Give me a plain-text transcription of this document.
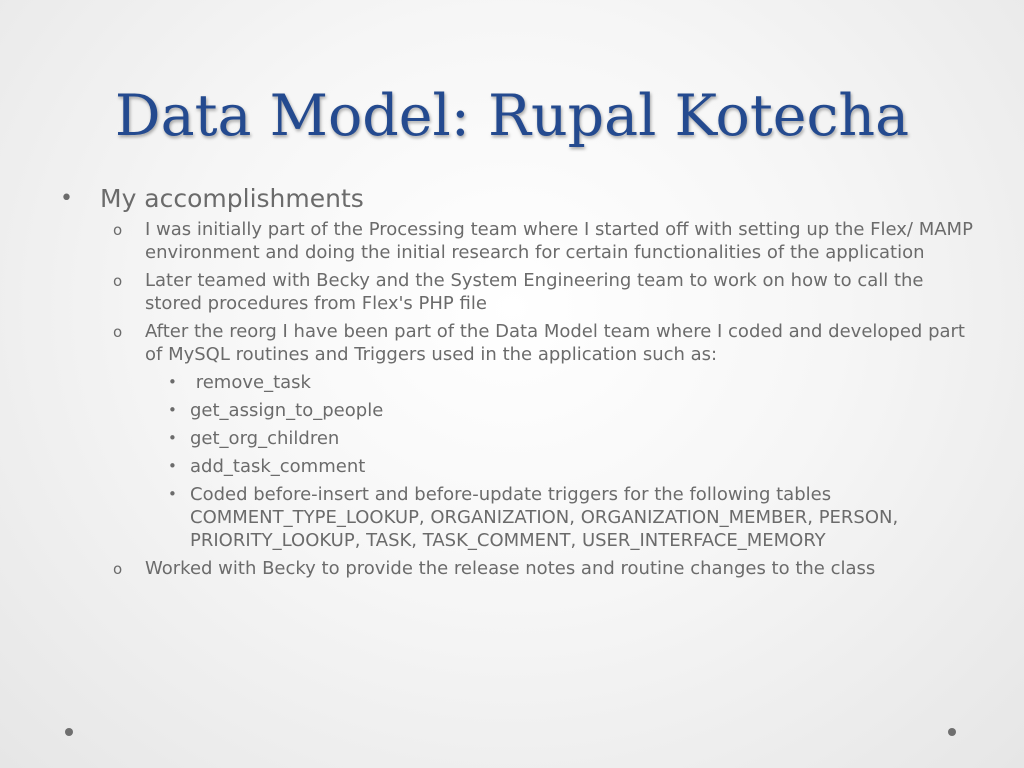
Data Model: Rupal Kotecha
• My accomplishments
o I was initially part of the Processing team where I started off with setting up the Flex/ MAMP environment and doing the initial research for certain functionalities of the application
o Later teamed with Becky and the System Engineering team to work on how to call the stored procedures from Flex's PHP file
o After the reorg I have been part of the Data Model team where I coded and developed part of MySQL routines and Triggers used in the application such as:
• remove_task
• get_assign_to_people
• get_org_children
• add_task_comment
• Coded before-insert and before-update triggers for the following tables COMMENT_TYPE_LOOKUP, ORGANIZATION, ORGANIZATION_MEMBER, PERSON, PRIORITY_LOOKUP, TASK, TASK_COMMENT, USER_INTERFACE_MEMORY
o Worked with Becky to provide the release notes and routine changes to the class
